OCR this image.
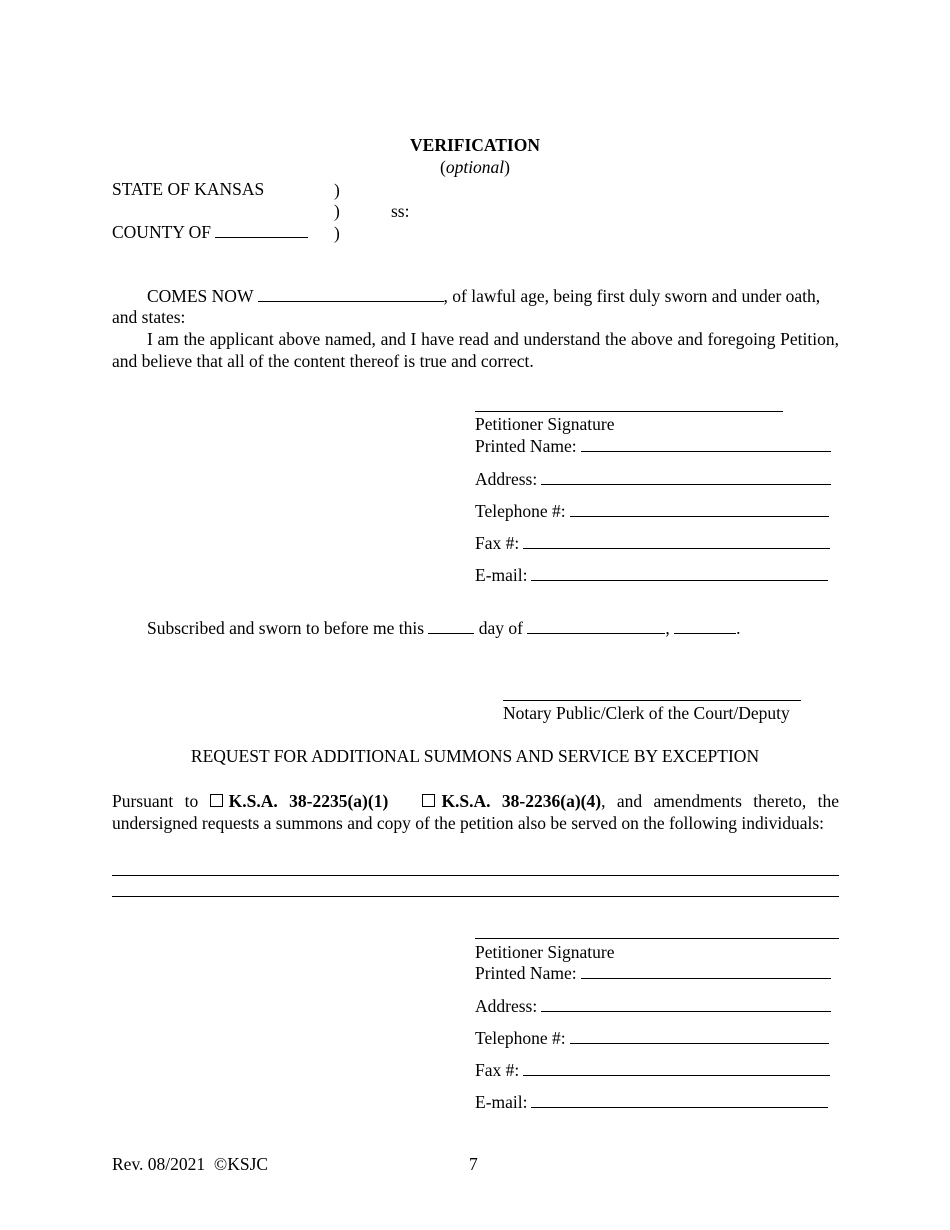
VERIFICATION
(optional)
STATE OF KANSAS	)
)	ss:
COUNTY OF	)
COMES NOW	, of lawful age, being first duly sworn and under oath,
and states:
I am the applicant above named, and I have read and understand the above and foregoing Petition, and believe that all of the content thereof is true and correct.
Petitioner Signature
Printed Name:
Address:
Telephone #:
Fax #:
E-mail:
Subscribed and sworn to before me this	day of	,	.
Notary Public/Clerk of the Court/Deputy
REQUEST FOR ADDITIONAL SUMMONS AND SERVICE BY EXCEPTION
Pursuant to K.S.A. 38-2235(a)(1)	K.S.A. 38-2236(a)(4), and amendments thereto, the undersigned requests a summons and copy of the petition also be served on the following individuals:
Petitioner Signature
Printed Name:
Address:
Telephone #:
Fax #:
E-mail:
Rev. 08/2021  ©KSJC	7
